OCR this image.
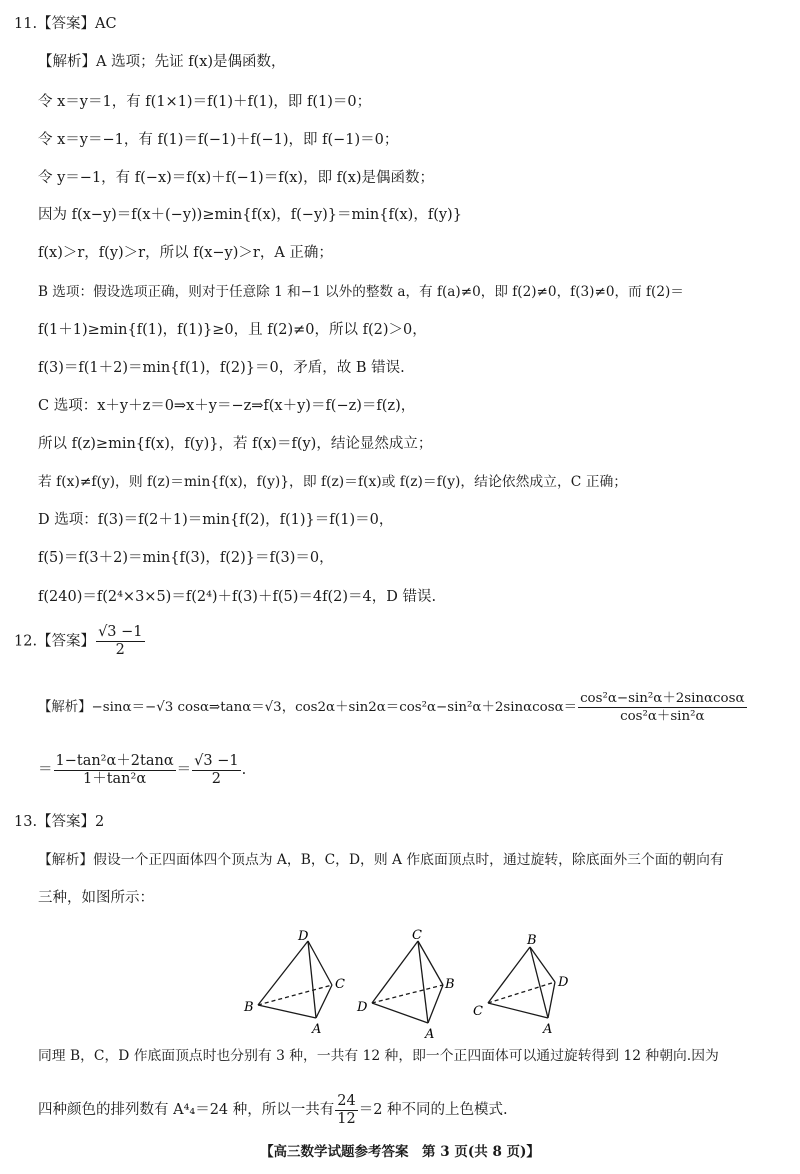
11.【答案】AC
【解析】A 选项；先证 f(x)是偶函数，
令 x＝y＝1，有 f(1×1)＝f(1)＋f(1)，即 f(1)＝0；
令 x＝y＝−1，有 f(1)＝f(−1)＋f(−1)，即 f(−1)＝0；
令 y＝−1，有 f(−x)＝f(x)＋f(−1)＝f(x)，即 f(x)是偶函数；
因为 f(x−y)＝f(x＋(−y))≥min{f(x)，f(−y)}＝min{f(x)，f(y)}
f(x)＞r，f(y)＞r，所以 f(x−y)＞r，A 正确；
B 选项：假设选项正确，则对于任意除 1 和−1 以外的整数 a，有 f(a)≠0，即 f(2)≠0，f(3)≠0，而 f(2)＝
f(1＋1)≥min{f(1)，f(1)}≥0，且 f(2)≠0，所以 f(2)＞0，
f(3)＝f(1＋2)＝min{f(1)，f(2)}＝0，矛盾，故 B 错误.
C 选项：x＋y＋z＝0⇒x＋y＝−z⇒f(x＋y)＝f(−z)＝f(z)，
所以 f(z)≥min{f(x)，f(y)}，若 f(x)＝f(y)，结论显然成立；
若 f(x)≠f(y)，则 f(z)＝min{f(x)，f(y)}，即 f(z)＝f(x)或 f(z)＝f(y)，结论依然成立，C 正确；
D 选项：f(3)＝f(2＋1)＝min{f(2)，f(1)}＝f(1)＝0，
f(5)＝f(3＋2)＝min{f(3)，f(2)}＝f(3)＝0，
f(240)＝f(2⁴×3×5)＝f(2⁴)＋f(3)＋f(5)＝4f(2)＝4，D 错误.
12.【答案】 $\frac{√3 -1}{2}$
【解析】−sinα＝−√3 cosα⇒tanα＝√3，$\cos 2\alpha+\sin 2\alpha=\cos^2\alpha-\sin^2\alpha+2\sin\alpha\cos\alpha= \frac{\text{cos²α−sin²α＋2sinαcosα}}{\text{cos²α＋sin²α}}$
＝ $\frac{\text{1−tan²α＋2tanα}}{\text{1＋tan²α}} = \frac{√3 -1}{2}$ .
13.【答案】2
【解析】假设一个正四面体四个顶点为 A，B，C，D，则 A 作底面顶点时，通过旋转，除底面外三个面的朝向有
三种，如图所示：
D
B
C
A
C
D
B
A
B
C
D
A
同理 B，C，D 作底面顶点时也分别有 3 种，一共有 12 种，即一个正四面体可以通过旋转得到 12 种朝向.因为
四种颜色的排列数有 A⁴₄＝24 种，所以一共有 $\frac{24}{12} =2$ 种不同的上色模式.
【高三数学试题参考答案　第 3 页(共 8 页)】
